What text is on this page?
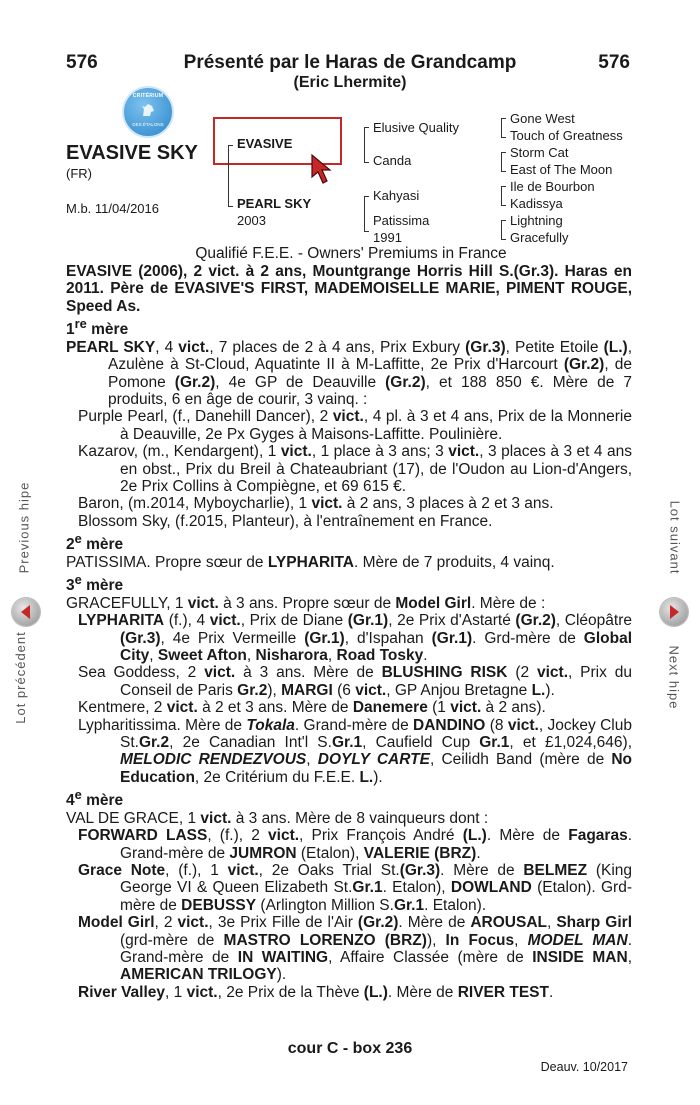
576	576
Présenté par le Haras de Grandcamp
(Eric Lhermite)
CRITÉRIUM
DES ÉTALONS
EVASIVE SKY
(FR)
M.b. 11/04/2016
EVASIVE
PEARL SKY
2003
Elusive Quality
Canda
Kahyasi
Patissima
1991
Gone West
Touch of Greatness
Storm Cat
East of The Moon
Ile de Bourbon
Kadissya
Lightning
Gracefully
Qualifié F.E.E. - Owners' Premiums in France

EVASIVE (2006), 2 vict. à 2 ans, Mountgrange Horris Hill S.(Gr.3). Haras en 2011. Père de EVASIVE'S FIRST, MADEMOISELLE MARIE, PIMENT ROUGE, Speed As.

1re mère

PEARL SKY, 4 vict., 7 places de 2 à 4 ans, Prix Exbury (Gr.3), Petite Etoile (L.), Azulène à St-Cloud, Aquatinte II à M-Laffitte, 2e Prix d'Harcourt (Gr.2), de Pomone (Gr.2), 4e GP de Deauville (Gr.2), et 188 850 €. Mère de 7 produits, 6 en âge de courir, 3 vainq. :

Purple Pearl, (f., Danehill Dancer), 2 vict., 4 pl. à 3 et 4 ans, Prix de la Monnerie à Deauville, 2e Px Gyges à Maisons-Laffitte. Poulinière.

Kazarov, (m., Kendargent), 1 vict., 1 place à 3 ans; 3 vict., 3 places à 3 et 4 ans en obst., Prix du Breil à Chateaubriant (17), de l'Oudon au Lion-d'Angers, 2e Prix Collins à Compiègne, et 69 615 €.

Baron, (m.2014, Myboycharlie), 1 vict. à 2 ans, 3 places à 2 et 3 ans.

Blossom Sky, (f.2015, Planteur), à l'entraînement en France.

2e mère

PATISSIMA. Propre sœur de LYPHARITA. Mère de 7 produits, 4 vainq.

3e mère

GRACEFULLY, 1 vict. à 3 ans. Propre sœur de Model Girl. Mère de :

LYPHARITA (f.), 4 vict., Prix de Diane (Gr.1), 2e Prix d'Astarté (Gr.2), Cléopâtre (Gr.3), 4e Prix Vermeille (Gr.1), d'Ispahan (Gr.1). Grd-mère de Global City, Sweet Afton, Nisharora, Road Tosky.

Sea Goddess, 2 vict. à 3 ans. Mère de BLUSHING RISK (2 vict., Prix du Conseil de Paris Gr.2), MARGI (6 vict., GP Anjou Bretagne L.).

Kentmere, 2 vict. à 2 et 3 ans. Mère de Danemere (1 vict. à 2 ans).

Lypharitissima. Mère de Tokala. Grand-mère de DANDINO (8 vict., Jockey Club St.Gr.2, 2e Canadian Int'l S.Gr.1, Caufield Cup Gr.1, et £1,024,646), MELODIC RENDEZVOUS, DOYLY CARTE, Ceilidh Band (mère de No Education, 2e Critérium du F.E.E. L.).

4e mère

VAL DE GRACE, 1 vict. à 3 ans. Mère de 8 vainqueurs dont :

FORWARD LASS, (f.), 2 vict., Prix François André (L.). Mère de Fagaras. Grand-mère de JUMRON (Etalon), VALERIE (BRZ).

Grace Note, (f.), 1 vict., 2e Oaks Trial St.(Gr.3). Mère de BELMEZ (King George VI & Queen Elizabeth St.Gr.1. Etalon), DOWLAND (Etalon). Grd-mère de DEBUSSY (Arlington Million S.Gr.1. Etalon).

Model Girl, 2 vict., 3e Prix Fille de l'Air (Gr.2). Mère de AROUSAL, Sharp Girl (grd-mère de MASTRO LORENZO (BRZ)), In Focus, MODEL MAN. Grand-mère de IN WAITING, Affaire Classée (mère de INSIDE MAN, AMERICAN TRILOGY).

River Valley, 1 vict., 2e Prix de la Thève (L.). Mère de RIVER TEST.

Lot précédent
Previous hipe	Lot suivant
Next hipe
cour C - box 236
Deauv. 10/2017
